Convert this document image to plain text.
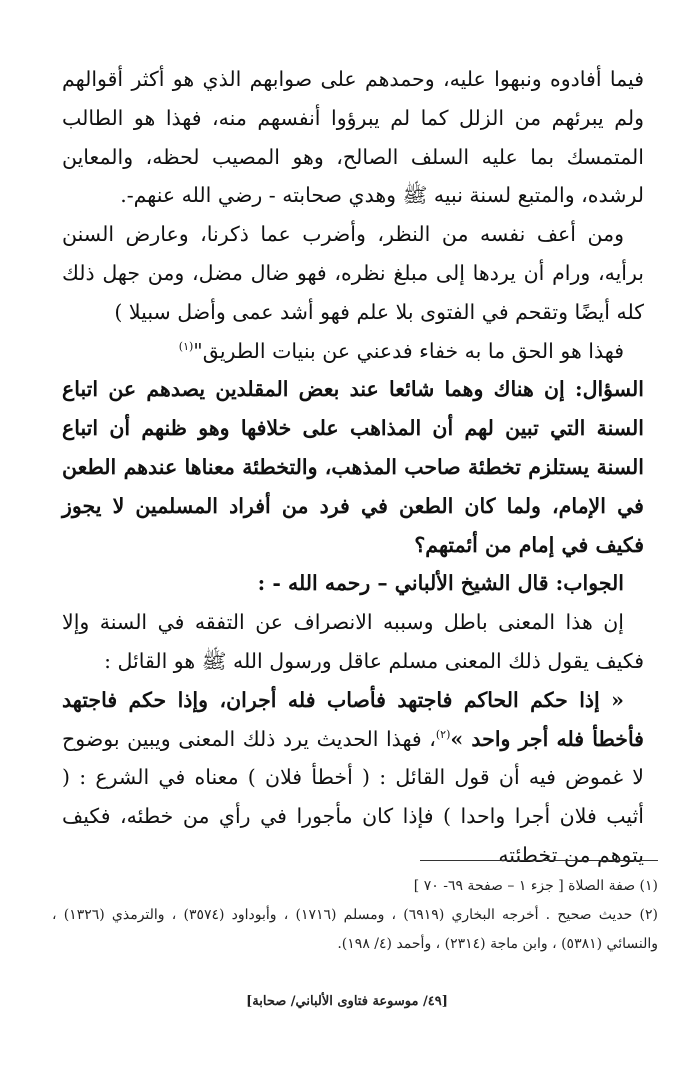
فيما أفادوه ونبهوا عليه، وحمدهم على صوابهم الذي هو أكثر أقوالهم ولم يبرئهم من الزلل كما لم يبرؤوا أنفسهم منه، فهذا هو الطالب المتمسك بما عليه السلف الصالح، وهو المصيب لحظه، والمعاين لرشده، والمتبع لسنة نبيه ﷺ وهدي صحابته - رضي الله عنهم-.

ومن أعف نفسه من النظر، وأضرب عما ذكرنا، وعارض السنن برأيه، ورام أن يردها إلى مبلغ نظره، فهو ضال مضل، ومن جهل ذلك كله أيضًا وتقحم في الفتوى بلا علم فهو أشد عمى وأضل سبيلا )

فهذا هو الحق ما به خفاء فدعني عن بنيات الطريق"$^{(١)}$

السؤال: إن هناك وهما شائعا عند بعض المقلدين يصدهم عن اتباع السنة التي تبين لهم أن المذاهب على خلافها وهو ظنهم أن اتباع السنة يستلزم تخطئة صاحب المذهب، والتخطئة معناها عندهم الطعن في الإمام، ولما كان الطعن في فرد من أفراد المسلمين لا يجوز فكيف في إمام من أئمتهم؟

الجواب: قال الشيخ الألباني – رحمه الله - :

إن هذا المعنى باطل وسببه الانصراف عن التفقه في السنة وإلا فكيف يقول ذلك المعنى مسلم عاقل ورسول الله ﷺ هو القائل :

« إذا حكم الحاكم فاجتهد فأصاب فله أجران، وإذا حكم فاجتهد فأخطأ فله أجر واحد »$^{(٢)}$، فهذا الحديث يرد ذلك المعنى ويبين بوضوح لا غموض فيه أن قول القائل : ( أخطأ فلان ) معناه في الشرع : ( أثيب فلان أجرا واحدا ) فإذا كان مأجورا في رأي من خطئه، فكيف يتوهم من تخطئته

(١) صفة الصلاة [ جزء ١ – صفحة ٦٩- ٧٠ ]

(٢) حديث صحيح . أخرجه البخاري (٦٩١٩) ، ومسلم (١٧١٦) ، وأبوداود (٣٥٧٤) ، والترمذي (١٣٢٦) ، والنسائي (٥٣٨١) ، وابن ماجة (٢٣١٤) ، وأحمد (٤/ ١٩٨).

[٤٩/ موسوعة فتاوى الألباني/ صحابة]
